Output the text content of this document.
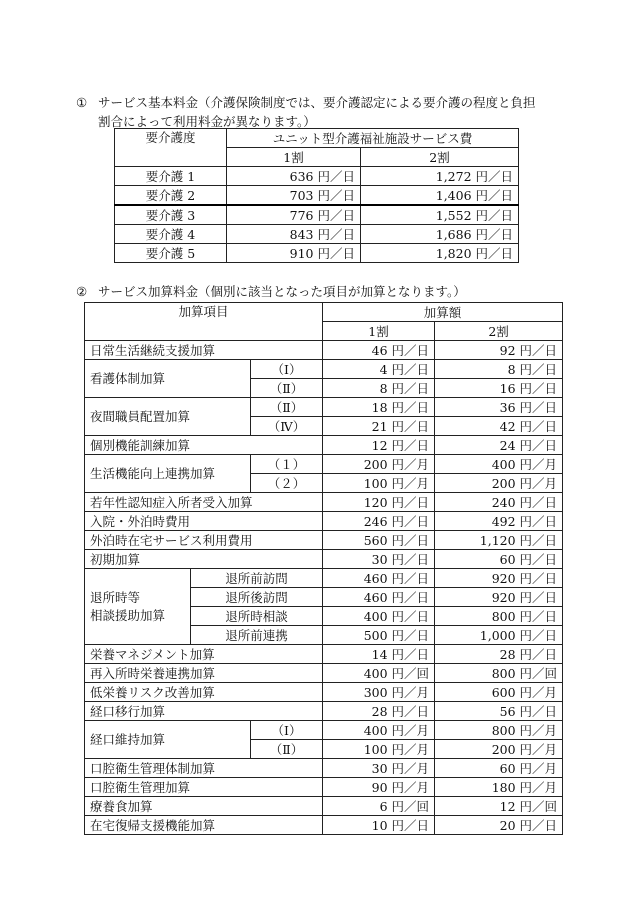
① サービス基本料金（介護保険制度では、要介護認定による要介護の程度と負担
割合によって利用料金が異なります。）
要介護度	ユニット型介護福祉施設サービス費	
	1割	2割
要介護 1	636 円／日	1,272 円／日
要介護 2	703 円／日	1,406 円／日
要介護 3	776 円／日	1,552 円／日
要介護 4	843 円／日	1,686 円／日
要介護 5	910 円／日	1,820 円／日
② サービス加算料金（個別に該当となった項目が加算となります。）
加算項目			加算額	
			1割	2割
日常生活継続支援加算			46 円／日	92 円／日
看護体制加算		（Ⅰ）	4 円／日	8 円／日
		（Ⅱ）	8 円／日	16 円／日
夜間職員配置加算		（Ⅱ）	18 円／日	36 円／日
		（Ⅳ）	21 円／日	42 円／日
個別機能訓練加算			12 円／日	24 円／日
生活機能向上連携加算		（１）	200 円／月	400 円／月
		（２）	100 円／月	200 円／月
若年性認知症入所者受入加算			120 円／日	240 円／日
入院・外泊時費用			246 円／日	492 円／日
外泊時在宅サービス利用費用			560 円／日	1,120 円／日
初期加算			30 円／日	60 円／日

退所時等
相談援助加算	退所前訪問		460 円／日	920 円／日
	退所後訪問		460 円／日	920 円／日
	退所時相談		400 円／日	800 円／日
	退所前連携		500 円／日	1,000 円／日
栄養マネジメント加算			14 円／日	28 円／日
再入所時栄養連携加算			400 円／回	800 円／回
低栄養リスク改善加算			300 円／月	600 円／月
経口移行加算			28 円／日	56 円／日
経口維持加算		（Ⅰ）	400 円／月	800 円／月
		（Ⅱ）	100 円／月	200 円／月
口腔衛生管理体制加算			30 円／月	60 円／月
口腔衛生管理加算			90 円／月	180 円／月
療養食加算			6 円／回	12 円／回
在宅復帰支援機能加算			10 円／日	20 円／日
